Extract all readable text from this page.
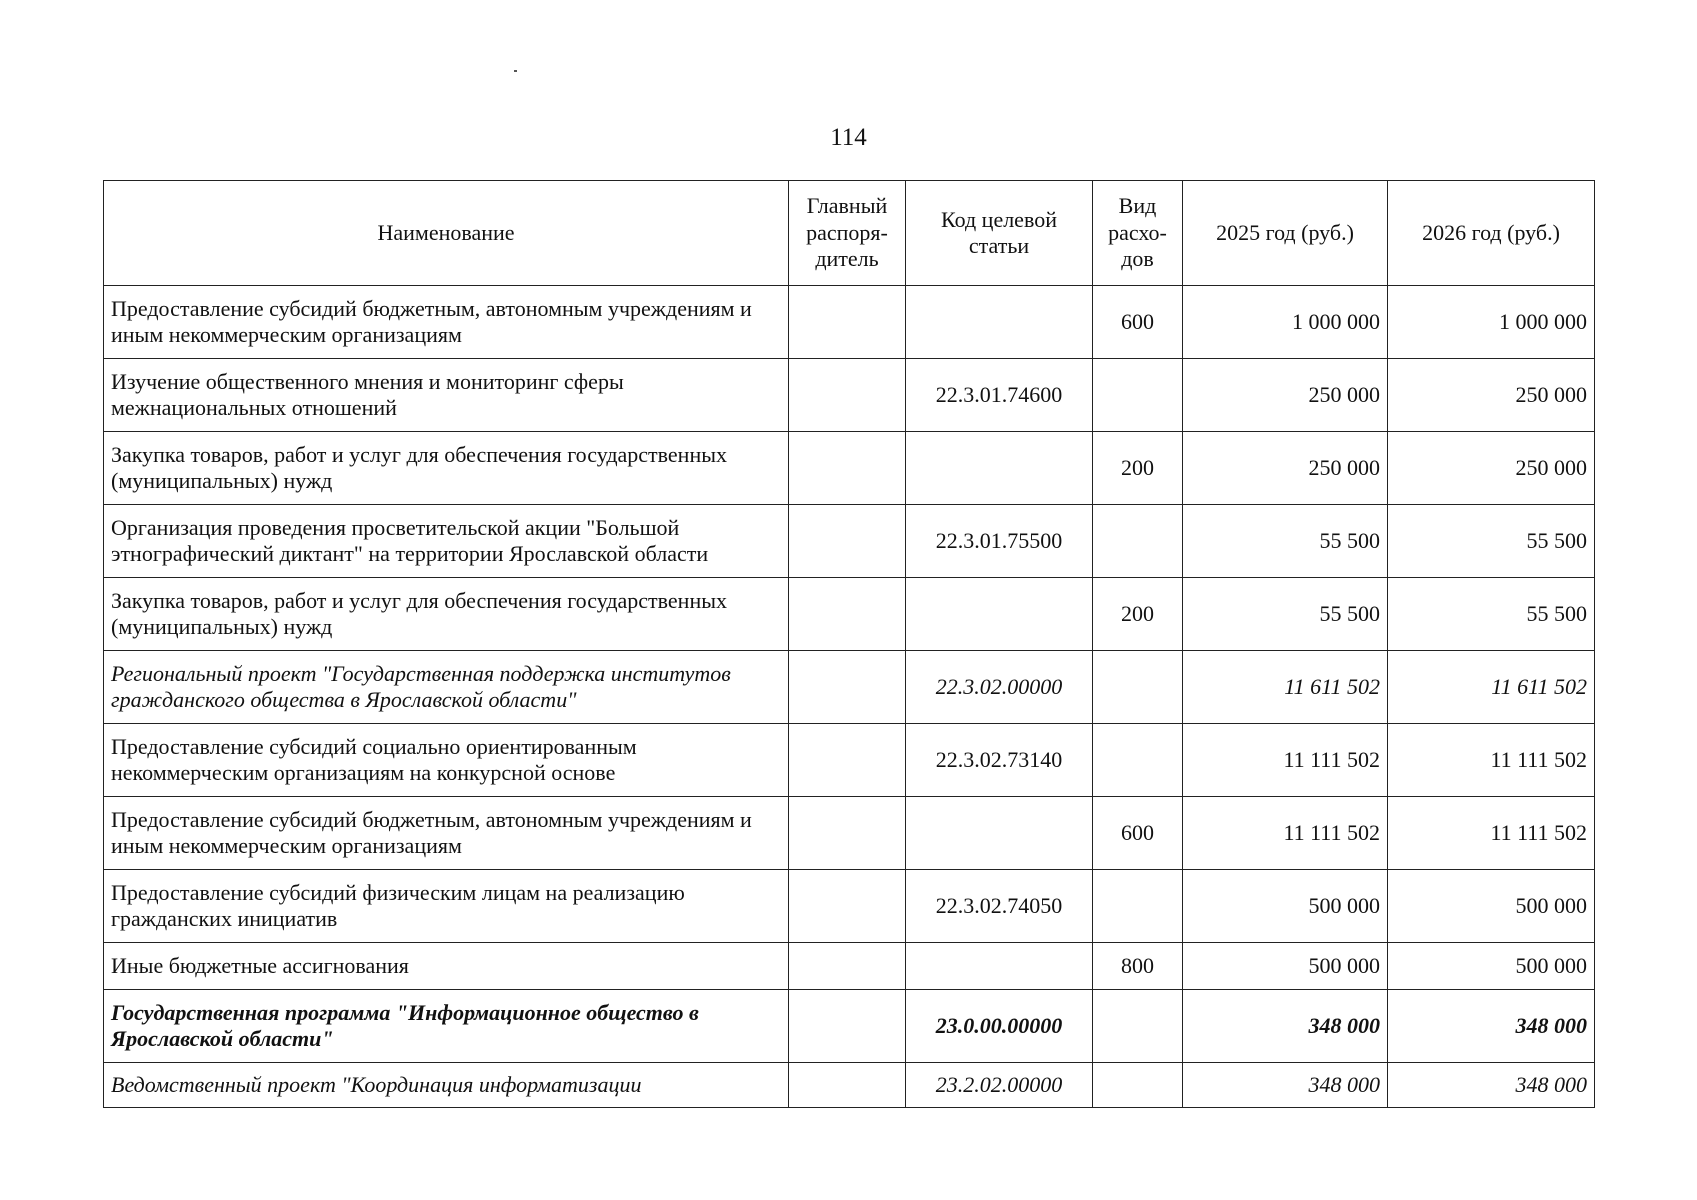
114
Наименование	Главный распоря-дитель	Код целевой статьи	Вид расхо-дов	2025 год (руб.)	2026 год (руб.)
Предоставление субсидий бюджетным, автономным учреждениям и иным некоммерческим организациям			600	1 000 000	1 000 000
Изучение общественного мнения и мониторинг сферы межнациональных отношений		22.3.01.74600		250 000	250 000
Закупка товаров, работ и услуг для обеспечения государственных (муниципальных) нужд			200	250 000	250 000
Организация проведения просветительской акции "Большой этнографический диктант" на территории Ярославской области		22.3.01.75500		55 500	55 500
Закупка товаров, работ и услуг для обеспечения государственных (муниципальных) нужд			200	55 500	55 500
Региональный проект "Государственная поддержка институтов гражданского общества в Ярославской области"		22.3.02.00000		11 611 502	11 611 502
Предоставление субсидий социально ориентированным некоммерческим организациям на конкурсной основе		22.3.02.73140		11 111 502	11 111 502
Предоставление субсидий бюджетным, автономным учреждениям и иным некоммерческим организациям			600	11 111 502	11 111 502
Предоставление субсидий физическим лицам на реализацию гражданских инициатив		22.3.02.74050		500 000	500 000
Иные бюджетные ассигнования			800	500 000	500 000
Государственная программа "Информационное общество в Ярославской области"		23.0.00.00000		348 000	348 000
Ведомственный проект "Координация информатизации		23.2.02.00000		348 000	348 000
